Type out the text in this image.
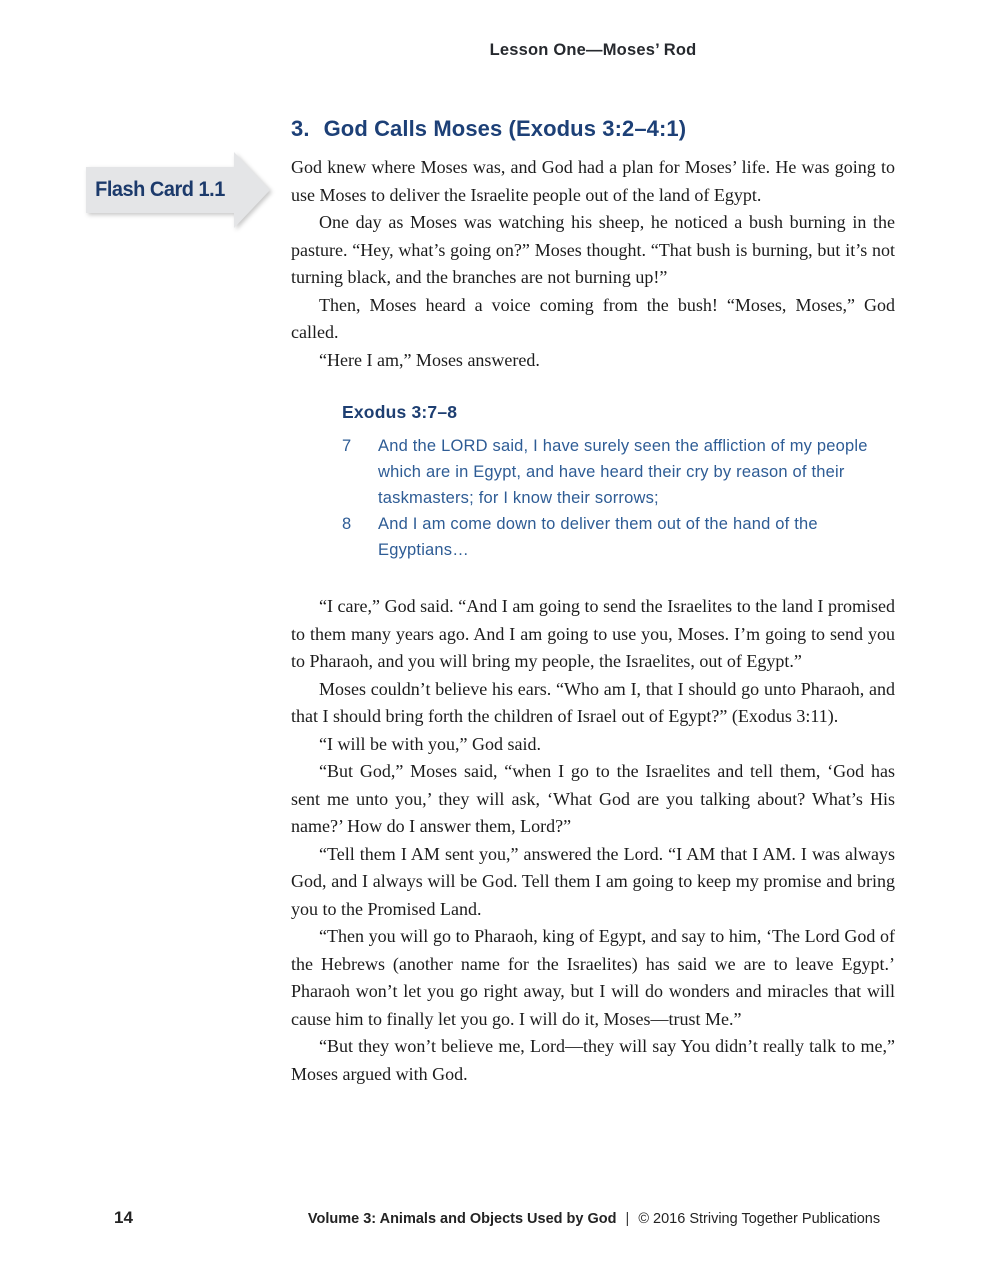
Lesson One—Moses’ Rod
Flash Card 1.1
3. God Calls Moses (Exodus 3:2–4:1)

God knew where Moses was, and God had a plan for Moses’ life. He was going to use Moses to deliver the Israelite people out of the land of Egypt.

One day as Moses was watching his sheep, he noticed a bush burning in the pasture. “Hey, what’s going on?” Moses thought. “That bush is burning, but it’s not turning black, and the branches are not burning up!”

Then, Moses heard a voice coming from the bush! “Moses, Moses,” God called.

“Here I am,” Moses answered.

Exodus 3:7–8
7	And the LORD said, I have surely seen the affliction of my people which are in Egypt, and have heard their cry by reason of their taskmasters; for I know their sorrows;
8	And I am come down to deliver them out of the hand of the Egyptians…

“I care,” God said. “And I am going to send the Israelites to the land I promised to them many years ago. And I am going to use you, Moses. I’m going to send you to Pharaoh, and you will bring my people, the Israelites, out of Egypt.”

Moses couldn’t believe his ears. “Who am I, that I should go unto Pharaoh, and that I should bring forth the children of Israel out of Egypt?” (Exodus 3:11).

“I will be with you,” God said.

“But God,” Moses said, “when I go to the Israelites and tell them, ‘God has sent me unto you,’ they will ask, ‘What God are you talking about? What’s His name?’ How do I answer them, Lord?”

“Tell them I AM sent you,” answered the Lord. “I AM that I AM. I was always God, and I always will be God. Tell them I am going to keep my promise and bring you to the Promised Land.

“Then you will go to Pharaoh, king of Egypt, and say to him, ‘The Lord God of the Hebrews (another name for the Israelites) has said we are to leave Egypt.’ Pharaoh won’t let you go right away, but I will do wonders and miracles that will cause him to finally let you go. I will do it, Moses—trust Me.”

“But they won’t believe me, Lord—they will say You didn’t really talk to me,” Moses argued with God.

14	Volume 3: Animals and Objects Used by God | © 2016 Striving Together Publications
